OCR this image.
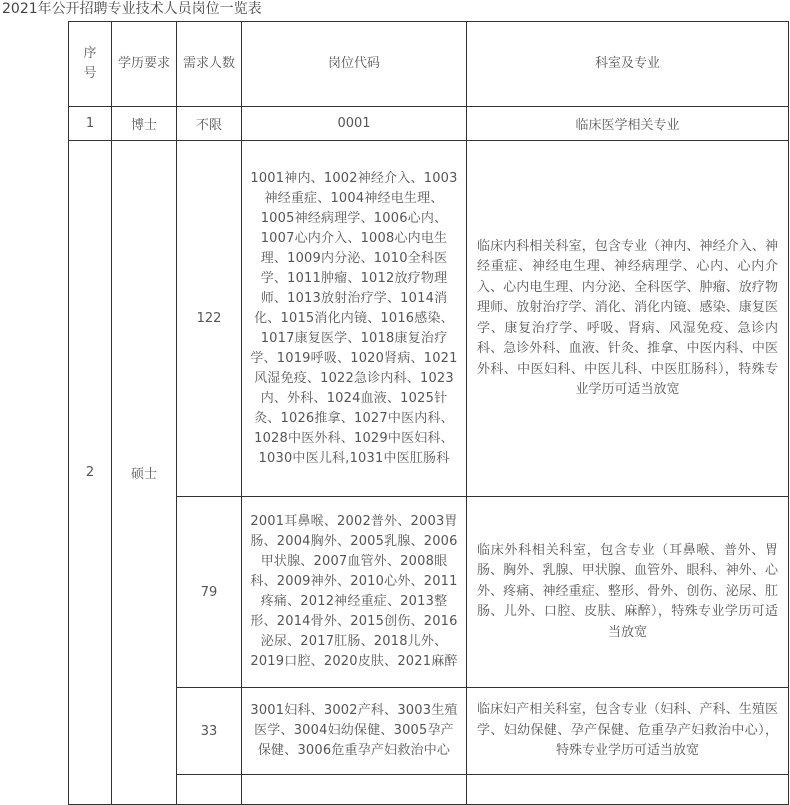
2021年公开招聘专业技术人员岗位一览表
序号	学历要求	需求人数	岗位代码	科室及专业
1	博士	不限	0001	临床医学相关专业
2	硕士	122	1001神内、1002神经介入、1003神经重症、1004神经电生理、1005神经病理学、1006心内、1007心内介入、1008心内电生理、1009内分泌、1010全科医学、1011肿瘤、1012放疗物理师、1013放射治疗学、1014消化、1015消化内镜、1016感染、1017康复医学、1018康复治疗学、1019呼吸、1020肾病、1021风湿免疫、1022急诊内科、1023内、外科、1024血液、1025针灸、1026推拿、1027中医内科、1028中医外科、1029中医妇科、1030中医儿科,1031中医肛肠科	临床内科相关科室，包含专业（神内、神经介入、神经重症、神经电生理、神经病理学、心内、心内介入、心内电生理、内分泌、全科医学、肿瘤、放疗物理师、放射治疗学、消化、消化内镜、感染、康复医学、康复治疗学、呼吸、肾病、风湿免疫、急诊内科、急诊外科、血液、针灸、推拿、中医内科、中医外科、中医妇科、中医儿科、中医肛肠科），特殊专业学历可适当放宽
		79	2001耳鼻喉、2002普外、2003胃肠、2004胸外、2005乳腺、2006甲状腺、2007血管外、2008眼科、2009神外、2010心外、2011疼痛、2012神经重症、2013整形、2014骨外、2015创伤、2016泌尿、2017肛肠、2018儿外、2019口腔、2020皮肤、2021麻醉	临床外科相关科室，包含专业（耳鼻喉、普外、胃肠、胸外、乳腺、甲状腺、血管外、眼科、神外、心外、疼痛、神经重症、整形、骨外、创伤、泌尿、肛肠、儿外、口腔、皮肤、麻醉），特殊专业学历可适当放宽
		33	3001妇科、3002产科、3003生殖医学、3004妇幼保健、3005孕产保健、3006危重孕产妇救治中心	临床妇产相关科室，包含专业（妇科、产科、生殖医学、妇幼保健、孕产保健、危重孕产妇救治中心），特殊专业学历可适当放宽
